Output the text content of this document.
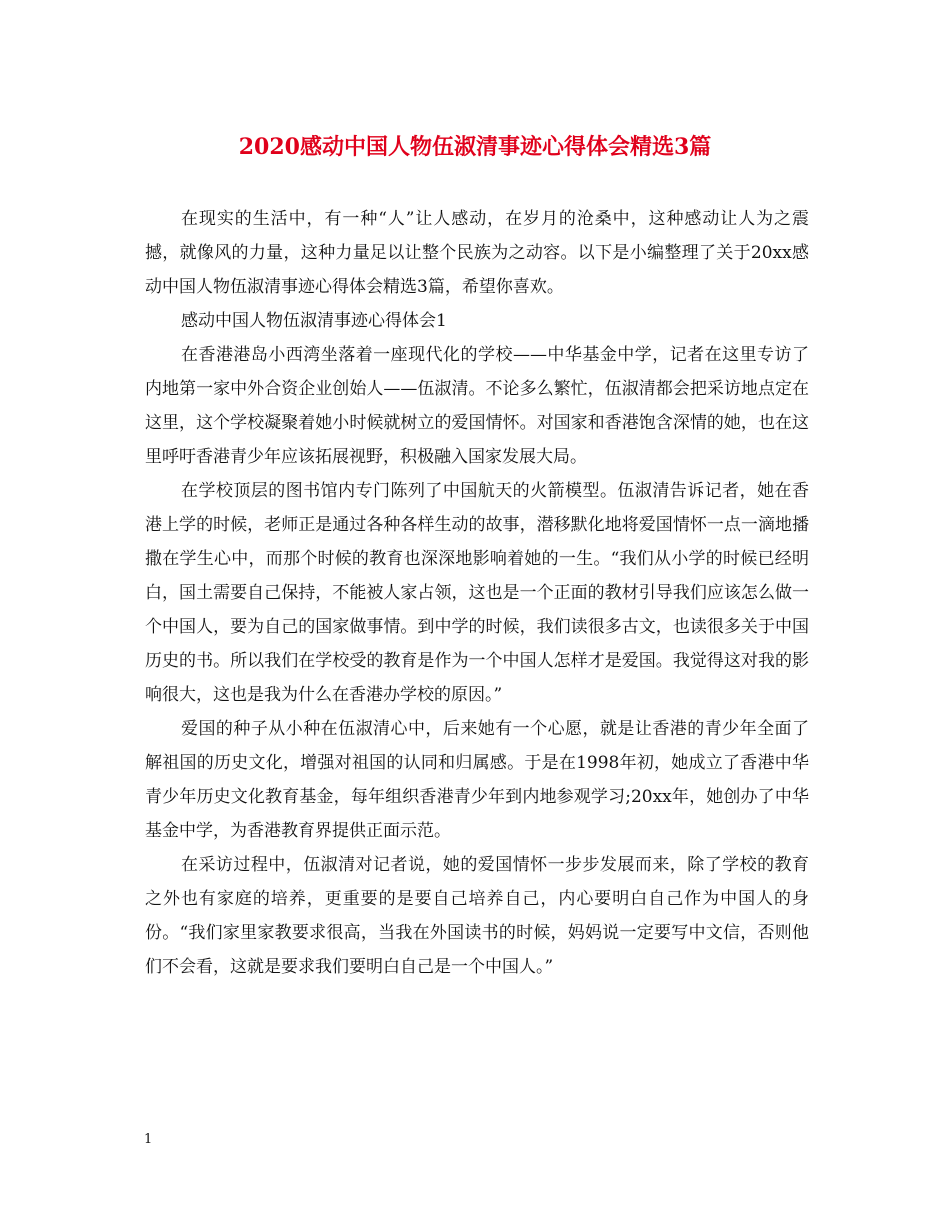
2020感动中国人物伍淑清事迹心得体会精选3篇

在现实的生活中，有一种“人”让人感动，在岁月的沧桑中，这种感动让人为之震撼，就像风的力量，这种力量足以让整个民族为之动容。以下是小编整理了关于20xx感动中国人物伍淑清事迹心得体会精选3篇，希望你喜欢。

感动中国人物伍淑清事迹心得体会1

在香港港岛小西湾坐落着一座现代化的学校——中华基金中学，记者在这里专访了内地第一家中外合资企业创始人——伍淑清。不论多么繁忙，伍淑清都会把采访地点定在这里，这个学校凝聚着她小时候就树立的爱国情怀。对国家和香港饱含深情的她，也在这里呼吁香港青少年应该拓展视野，积极融入国家发展大局。

在学校顶层的图书馆内专门陈列了中国航天的火箭模型。伍淑清告诉记者，她在香港上学的时候，老师正是通过各种各样生动的故事，潜移默化地将爱国情怀一点一滴地播撒在学生心中，而那个时候的教育也深深地影响着她的一生。“我们从小学的时候已经明白，国土需要自己保持，不能被人家占领，这也是一个正面的教材引导我们应该怎么做一个中国人，要为自己的国家做事情。到中学的时候，我们读很多古文，也读很多关于中国历史的书。所以我们在学校受的教育是作为一个中国人怎样才是爱国。我觉得这对我的影响很大，这也是我为什么在香港办学校的原因。”

爱国的种子从小种在伍淑清心中，后来她有一个心愿，就是让香港的青少年全面了解祖国的历史文化，增强对祖国的认同和归属感。于是在1998年初，她成立了香港中华青少年历史文化教育基金，每年组织香港青少年到内地参观学习;20xx年，她创办了中华基金中学，为香港教育界提供正面示范。

在采访过程中，伍淑清对记者说，她的爱国情怀一步步发展而来，除了学校的教育之外也有家庭的培养，更重要的是要自己培养自己，内心要明白自己作为中国人的身份。“我们家里家教要求很高，当我在外国读书的时候，妈妈说一定要写中文信，否则他们不会看，这就是要求我们要明白自己是一个中国人。”

1
